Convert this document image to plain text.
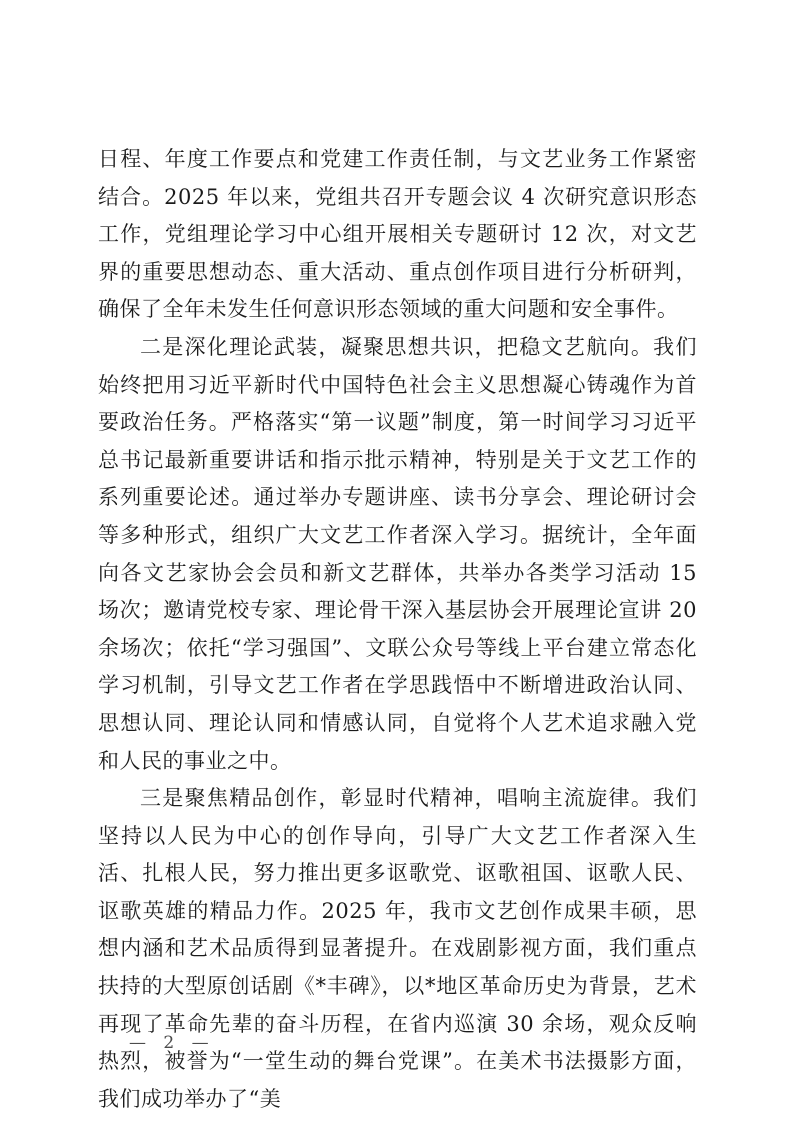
日程、年度工作要点和党建工作责任制，与文艺业务工作紧密结合。2025 年以来，党组共召开专题会议 4 次研究意识形态工作，党组理论学习中心组开展相关专题研讨 12 次，对文艺界的重要思想动态、重大活动、重点创作项目进行分析研判，确保了全年未发生任何意识形态领域的重大问题和安全事件。

二是深化理论武装，凝聚思想共识，把稳文艺航向。我们始终把用习近平新时代中国特色社会主义思想凝心铸魂作为首要政治任务。严格落实“第一议题”制度，第一时间学习习近平总书记最新重要讲话和指示批示精神，特别是关于文艺工作的系列重要论述。通过举办专题讲座、读书分享会、理论研讨会等多种形式，组织广大文艺工作者深入学习。据统计，全年面向各文艺家协会会员和新文艺群体，共举办各类学习活动 15 场次；邀请党校专家、理论骨干深入基层协会开展理论宣讲 20 余场次；依托“学习强国”、文联公众号等线上平台建立常态化学习机制，引导文艺工作者在学思践悟中不断增进政治认同、思想认同、理论认同和情感认同，自觉将个人艺术追求融入党和人民的事业之中。

三是聚焦精品创作，彰显时代精神，唱响主流旋律。我们坚持以人民为中心的创作导向，引导广大文艺工作者深入生活、扎根人民，努力推出更多讴歌党、讴歌祖国、讴歌人民、讴歌英雄的精品力作。2025 年，我市文艺创作成果丰硕，思想内涵和艺术品质得到显著提升。在戏剧影视方面，我们重点扶持的大型原创话剧《*丰碑》，以*地区革命历史为背景，艺术再现了革命先辈的奋斗历程，在省内巡演 30 余场，观众反响热烈，被誉为“一堂生动的舞台党课”。在美术书法摄影方面，我们成功举办了“美

— 2 —
